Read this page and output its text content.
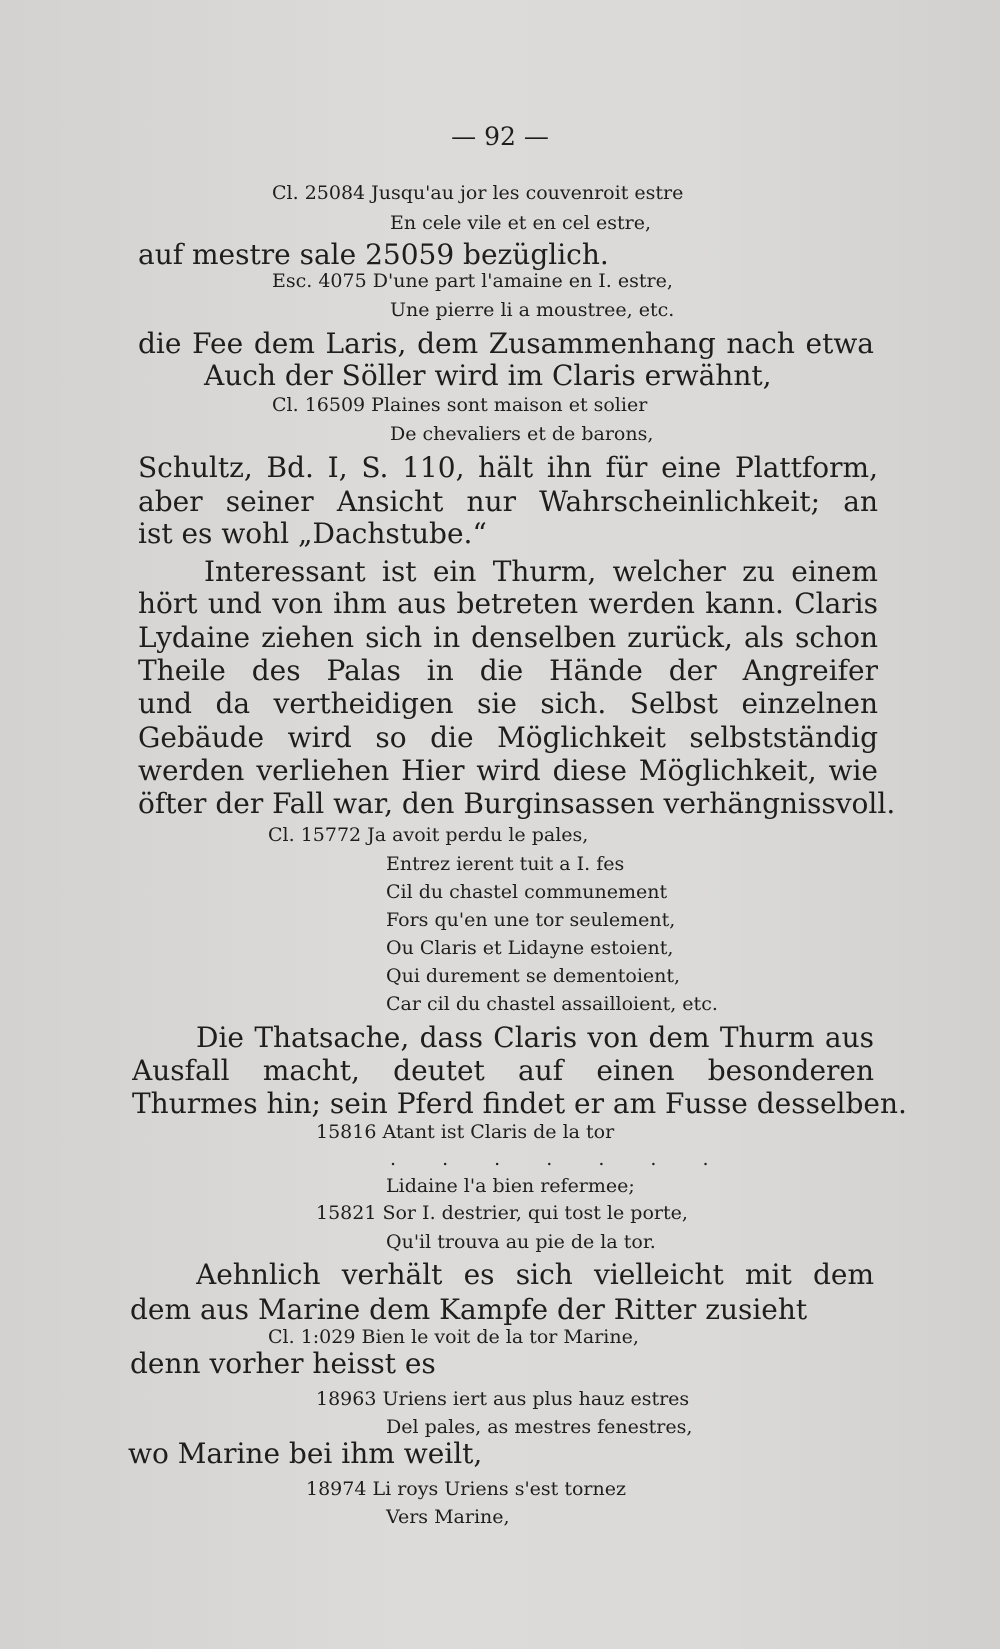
— 92 —
Cl. 25084 Jusqu'au jor les couvenroit estre
En cele vile et en cel estre,
auf mestre sale 25059 bezüglich.
Esc. 4075 D'une part l'amaine en I. estre,
Une pierre li a moustree, etc.
die Fee dem Laris, dem Zusammenhang nach etwa
Auch der Söller wird im Claris erwähnt,
Cl. 16509 Plaines sont maison et solier
De chevaliers et de barons,
Schultz, Bd. I, S. 110, hält ihn für eine Plattform,
aber seiner Ansicht nur Wahrscheinlichkeit; an
ist es wohl „Dachstube.“
Interessant ist ein Thurm, welcher zu einem
hört und von ihm aus betreten werden kann. Claris
Lydaine ziehen sich in denselben zurück, als schon
Theile des Palas in die Hände der Angreifer
und da vertheidigen sie sich. Selbst einzelnen
Gebäude wird so die Möglichkeit selbstständig
werden verliehen Hier wird diese Möglichkeit, wie
öfter der Fall war, den Burginsassen verhängnissvoll.
Cl. 15772 Ja avoit perdu le pales,
Entrez ierent tuit a I. fes
Cil du chastel communement
Fors qu'en une tor seulement,
Ou Claris et Lidayne estoient,
Qui durement se dementoient,
Car cil du chastel assailloient, etc.
Die Thatsache, dass Claris von dem Thurm aus
Ausfall macht, deutet auf einen besonderen
Thurmes hin; sein Pferd findet er am Fusse desselben.
15816 Atant ist Claris de la tor
. . . . . . .
Lidaine l'a bien refermee;
15821 Sor I. destrier, qui tost le porte,
Qu'il trouva au pie de la tor.
Aehnlich verhält es sich vielleicht mit dem
dem aus Marine dem Kampfe der Ritter zusieht
Cl. 1:029 Bien le voit de la tor Marine,
denn vorher heisst es
18963 Uriens iert aus plus hauz estres
Del pales, as mestres fenestres,
wo Marine bei ihm weilt,
18974 Li roys Uriens s'est tornez
Vers Marine,
